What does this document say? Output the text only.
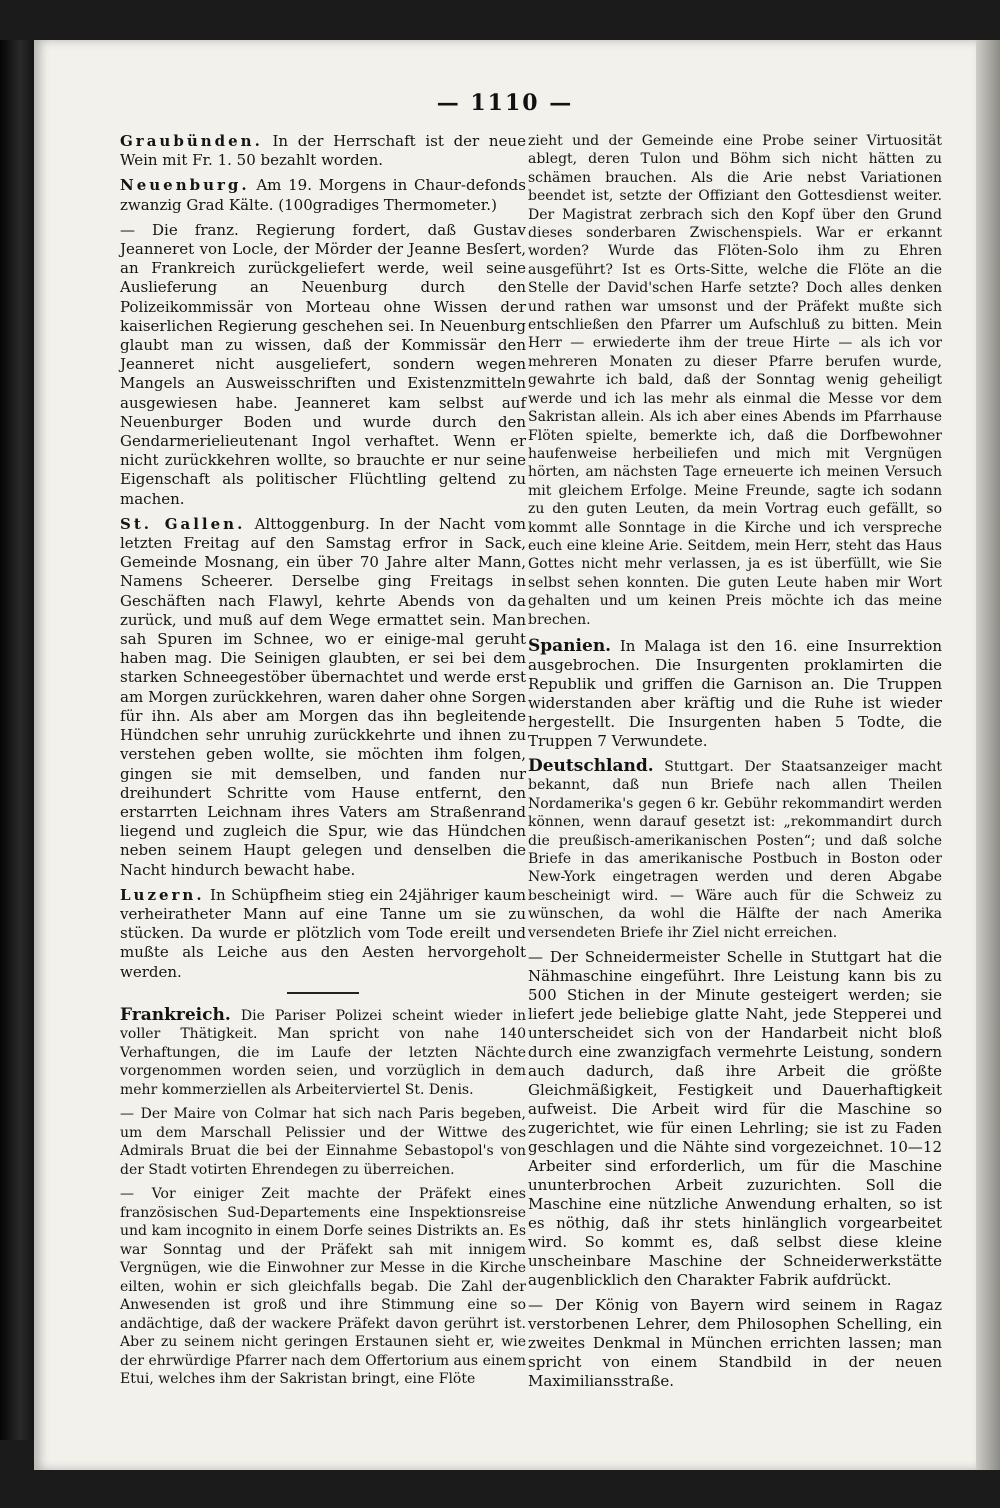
— 1110 —

Graubünden. In der Herrschaft ist der neue Wein mit Fr. 1. 50 bezahlt worden.

Neuenburg. Am 19. Morgens in Chaur-defonds zwanzig Grad Kälte. (100gradiges Thermometer.)

— Die franz. Regierung fordert, daß Gustav Jeanneret von Locle, der Mörder der Jeanne Besſert, an Frankreich zurückgeliefert werde, weil seine Auslieferung an Neuenburg durch den Polizeikommissär von Morteau ohne Wissen der kaiserlichen Regierung geschehen sei. In Neuenburg glaubt man zu wissen, daß der Kommissär den Jeanneret nicht ausgeliefert, sondern wegen Mangels an Ausweisschriften und Existenzmitteln ausgewiesen habe. Jeanneret kam selbst auf Neuenburger Boden und wurde durch den Gendarmerielieutenant Ingol verhaftet. Wenn er nicht zurückkehren wollte, so brauchte er nur seine Eigenschaft als politischer Flüchtling geltend zu machen.

St. Gallen. Alttoggenburg. In der Nacht vom letzten Freitag auf den Samstag erfror in Sack, Gemeinde Mosnang, ein über 70 Jahre alter Mann, Namens Scheerer. Derselbe ging Freitags in Geschäften nach Flawyl, kehrte Abends von da zurück, und muß auf dem Wege ermattet sein. Man sah Spuren im Schnee, wo er einige-mal geruht haben mag. Die Seinigen glaubten, er sei bei dem starken Schneegestöber übernachtet und werde erst am Morgen zurückkehren, waren daher ohne Sorgen für ihn. Als aber am Morgen das ihn begleitende Hündchen sehr unruhig zurückkehrte und ihnen zu verstehen geben wollte, sie möchten ihm folgen, gingen sie mit demselben, und fanden nur dreihundert Schritte vom Hause entfernt, den erstarrten Leichnam ihres Vaters am Straßenrand liegend und zugleich die Spur, wie das Hündchen neben seinem Haupt gelegen und denselben die Nacht hindurch bewacht habe.

Luzern. In Schüpfheim stieg ein 24jähriger kaum verheiratheter Mann auf eine Tanne um sie zu stücken. Da wurde er plötzlich vom Tode ereilt und mußte als Leiche aus den Aesten hervorgeholt werden.

Frankreich. Die Pariser Polizei scheint wieder in voller Thätigkeit. Man spricht von nahe 140 Verhaftungen, die im Laufe der letzten Nächte vorgenommen worden seien, und vorzüglich in dem mehr kommerziellen als Arbeiterviertel St. Denis.

— Der Maire von Colmar hat sich nach Paris begeben, um dem Marschall Pelissier und der Wittwe des Admirals Bruat die bei der Einnahme Sebastopol's von der Stadt votirten Ehrendegen zu überreichen.

— Vor einiger Zeit machte der Präfekt eines französischen Sud-Departements eine Inspektionsreise und kam incognito in einem Dorfe seines Distrikts an. Es war Sonntag und der Präfekt sah mit innigem Vergnügen, wie die Einwohner zur Messe in die Kirche eilten, wohin er sich gleichfalls begab. Die Zahl der Anwesenden ist groß und ihre Stimmung eine so andächtige, daß der wackere Präfekt davon gerührt ist. Aber zu seinem nicht geringen Erstaunen sieht er, wie der ehrwürdige Pfarrer nach dem Offertorium aus einem Etui, welches ihm der Sakristan bringt, eine Flöte

zieht und der Gemeinde eine Probe seiner Virtuosität ablegt, deren Tulon und Böhm sich nicht hätten zu schämen brauchen. Als die Arie nebst Variationen beendet ist, setzte der Offiziant den Gottesdienst weiter. Der Magistrat zerbrach sich den Kopf über den Grund dieses sonderbaren Zwischenspiels. War er erkannt worden? Wurde das Flöten-Solo ihm zu Ehren ausgeführt? Ist es Orts-Sitte, welche die Flöte an die Stelle der David'schen Harfe setzte? Doch alles denken und rathen war umsonst und der Präfekt mußte sich entschließen den Pfarrer um Aufschluß zu bitten. Mein Herr — erwiederte ihm der treue Hirte — als ich vor mehreren Monaten zu dieser Pfarre berufen wurde, gewahrte ich bald, daß der Sonntag wenig geheiligt werde und ich las mehr als einmal die Messe vor dem Sakristan allein. Als ich aber eines Abends im Pfarrhause Flöten spielte, bemerkte ich, daß die Dorfbewohner haufenweise herbeiliefen und mich mit Vergnügen hörten, am nächsten Tage erneuerte ich meinen Versuch mit gleichem Erfolge. Meine Freunde, sagte ich sodann zu den guten Leuten, da mein Vortrag euch gefällt, so kommt alle Sonntage in die Kirche und ich verspreche euch eine kleine Arie. Seitdem, mein Herr, steht das Haus Gottes nicht mehr verlassen, ja es ist überfüllt, wie Sie selbst sehen konnten. Die guten Leute haben mir Wort gehalten und um keinen Preis möchte ich das meine brechen.

Spanien. In Malaga ist den 16. eine Insurrektion ausgebrochen. Die Insurgenten proklamirten die Republik und griffen die Garnison an. Die Truppen widerstanden aber kräftig und die Ruhe ist wieder hergestellt. Die Insurgenten haben 5 Todte, die Truppen 7 Verwundete.

Deutschland. Stuttgart. Der Staatsanzeiger macht bekannt, daß nun Briefe nach allen Theilen Nordamerika's gegen 6 kr. Gebühr rekommandirt werden können, wenn darauf gesetzt ist: „rekommandirt durch die preußisch-amerikanischen Posten“; und daß solche Briefe in das amerikanische Postbuch in Boston oder New-York eingetragen werden und deren Abgabe bescheinigt wird. — Wäre auch für die Schweiz zu wünschen, da wohl die Hälfte der nach Amerika versendeten Briefe ihr Ziel nicht erreichen.

— Der Schneidermeister Schelle in Stuttgart hat die Nähmaschine eingeführt. Ihre Leistung kann bis zu 500 Stichen in der Minute gesteigert werden; sie liefert jede beliebige glatte Naht, jede Stepperei und unterscheidet sich von der Handarbeit nicht bloß durch eine zwanzigfach vermehrte Leistung, sondern auch dadurch, daß ihre Arbeit die größte Gleichmäßigkeit, Festigkeit und Dauerhaftigkeit aufweist. Die Arbeit wird für die Maschine so zugerichtet, wie für einen Lehrling; sie ist zu Faden geschlagen und die Nähte sind vorgezeichnet. 10—12 Arbeiter sind erforderlich, um für die Maschine ununterbrochen Arbeit zuzurichten. Soll die Maschine eine nützliche Anwendung erhalten, so ist es nöthig, daß ihr stets hinlänglich vorgearbeitet wird. So kommt es, daß selbst diese kleine unscheinbare Maschine der Schneiderwerkstätte augenblicklich den Charakter Fabrik aufdrückt.

— Der König von Bayern wird seinem in Ragaz verstorbenen Lehrer, dem Philosophen Schelling, ein zweites Denkmal in München errichten lassen; man spricht von einem Standbild in der neuen Maximiliansstraße.
